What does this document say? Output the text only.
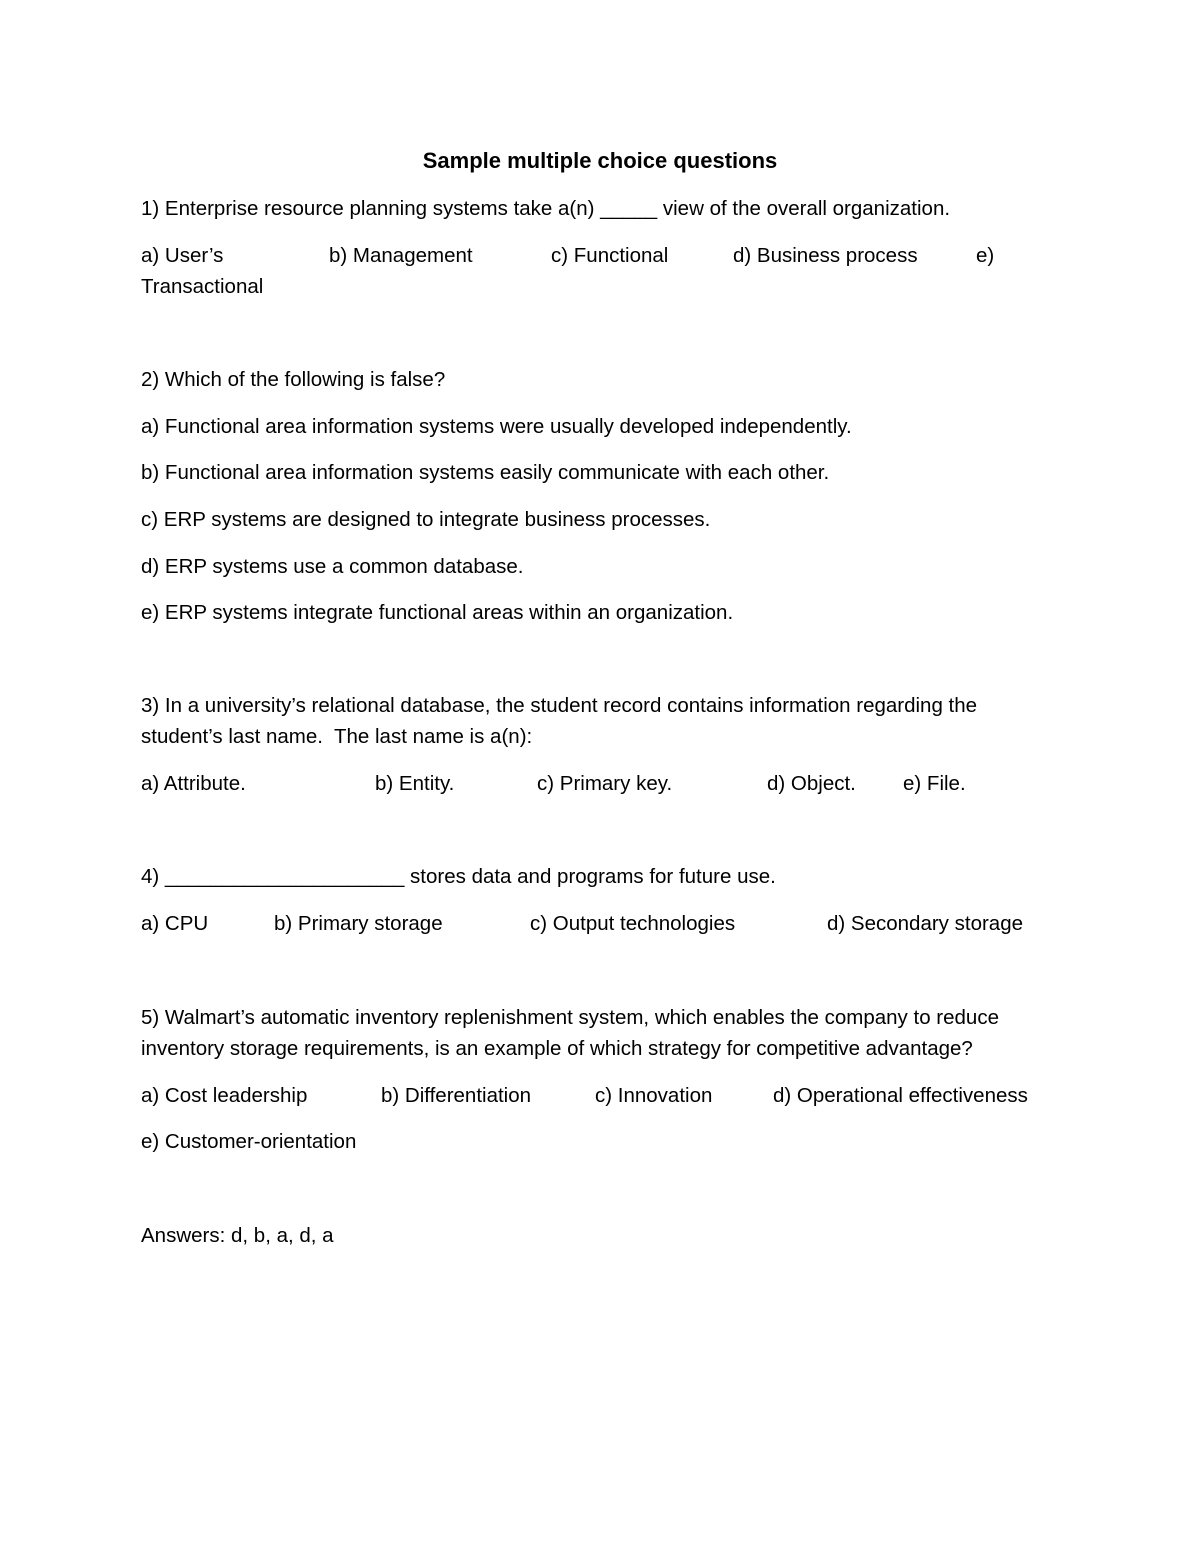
Sample multiple choice questions
1) Enterprise resource planning systems take a(n) _____ view of the overall organization.
a) User’s	b) Management	c) Functional	d) Business process	e)
Transactional
2) Which of the following is false?
a) Functional area information systems were usually developed independently.
b) Functional area information systems easily communicate with each other.
c) ERP systems are designed to integrate business processes.
d) ERP systems use a common database.
e) ERP systems integrate functional areas within an organization.
3) In a university’s relational database, the student record contains information regarding the
student’s last name.  The last name is a(n):
a) Attribute.	b) Entity.	c) Primary key.	d) Object. e) File.
4) _____________________ stores data and programs for future use.
a) CPU	b) Primary storage	c) Output technologies	d) Secondary storage
5) Walmart’s automatic inventory replenishment system, which enables the company to reduce
inventory storage requirements, is an example of which strategy for competitive advantage?
a) Cost leadership	b) Differentiation	c) Innovation	d) Operational effectiveness
e) Customer-orientation
Answers: d, b, a, d, a
